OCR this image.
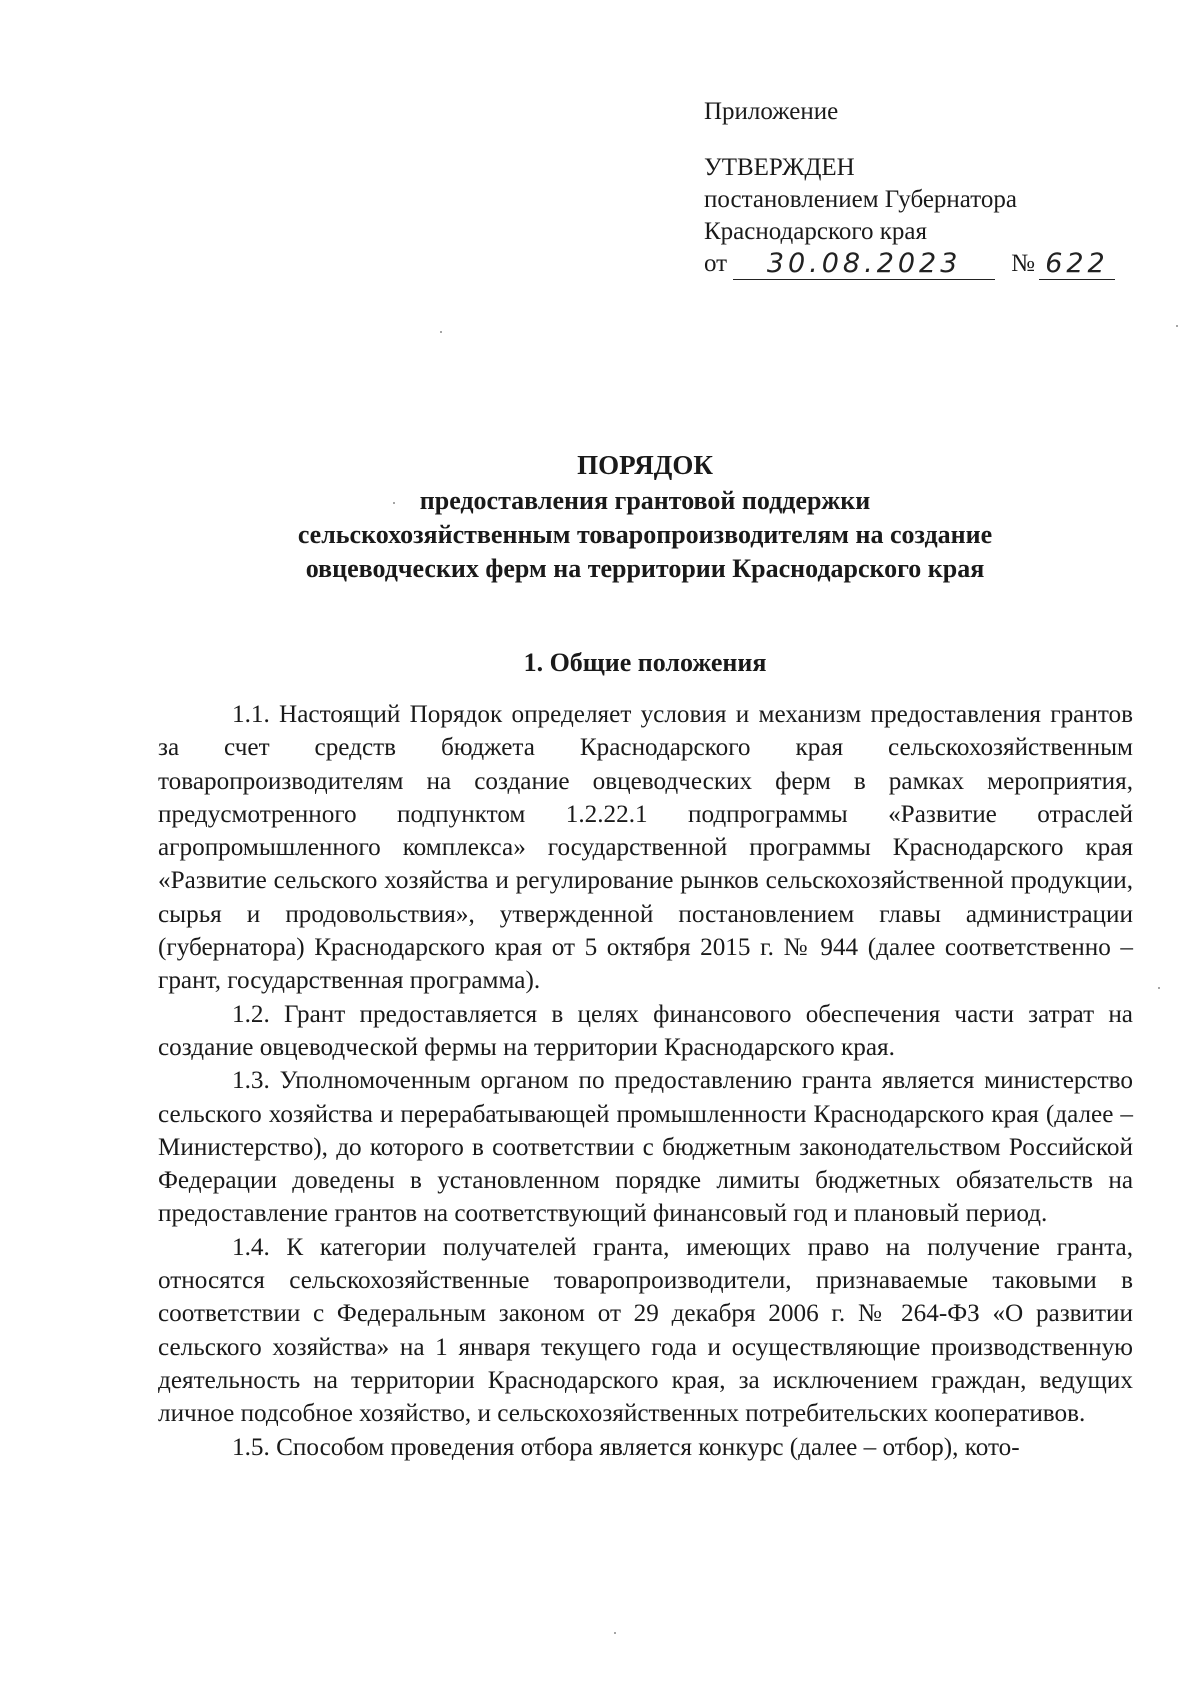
Приложение
УТВЕРЖДЕН
постановлением Губернатора
Краснодарского края
от	30.08.2023	№ 622
ПОРЯДОК
предоставления грантовой поддержки
сельскохозяйственным товаропроизводителям на создание
овцеводческих ферм на территории Краснодарского края
1. Общие положения

1.1. Настоящий Порядок определяет условия и механизм предоставления грантов за счет средств бюджета Краснодарского края сельскохозяйственным товаропроизводителям на создание овцеводческих ферм в рамках мероприятия, предусмотренного подпунктом 1.2.22.1 подпрограммы «Развитие отраслей агропромышленного комплекса» государственной программы Краснодарского края «Развитие сельского хозяйства и регулирование рынков сельскохозяйственной продукции, сырья и продовольствия», утвержденной постановлением главы администрации (губернатора) Краснодарского края от 5 октября 2015 г. № 944 (далее соответственно – грант, государственная программа).

1.2. Грант предоставляется в целях финансового обеспечения части затрат на создание овцеводческой фермы на территории Краснодарского края.

1.3. Уполномоченным органом по предоставлению гранта является министерство сельского хозяйства и перерабатывающей промышленности Краснодарского края (далее – Министерство), до которого в соответствии с бюджетным законодательством Российской Федерации доведены в установленном порядке лимиты бюджетных обязательств на предоставление грантов на соответствующий финансовый год и плановый период.

1.4. К категории получателей гранта, имеющих право на получение гранта, относятся сельскохозяйственные товаропроизводители, признаваемые таковыми в соответствии с Федеральным законом от 29 декабря 2006 г. № 264-ФЗ «О развитии сельского хозяйства» на 1 января текущего года и осуществляющие производственную деятельность на территории Краснодарского края, за исключением граждан, ведущих личное подсобное хозяйство, и сельскохозяйственных потребительских кооперативов.

1.5. Способом проведения отбора является конкурс (далее – отбор), кото-
